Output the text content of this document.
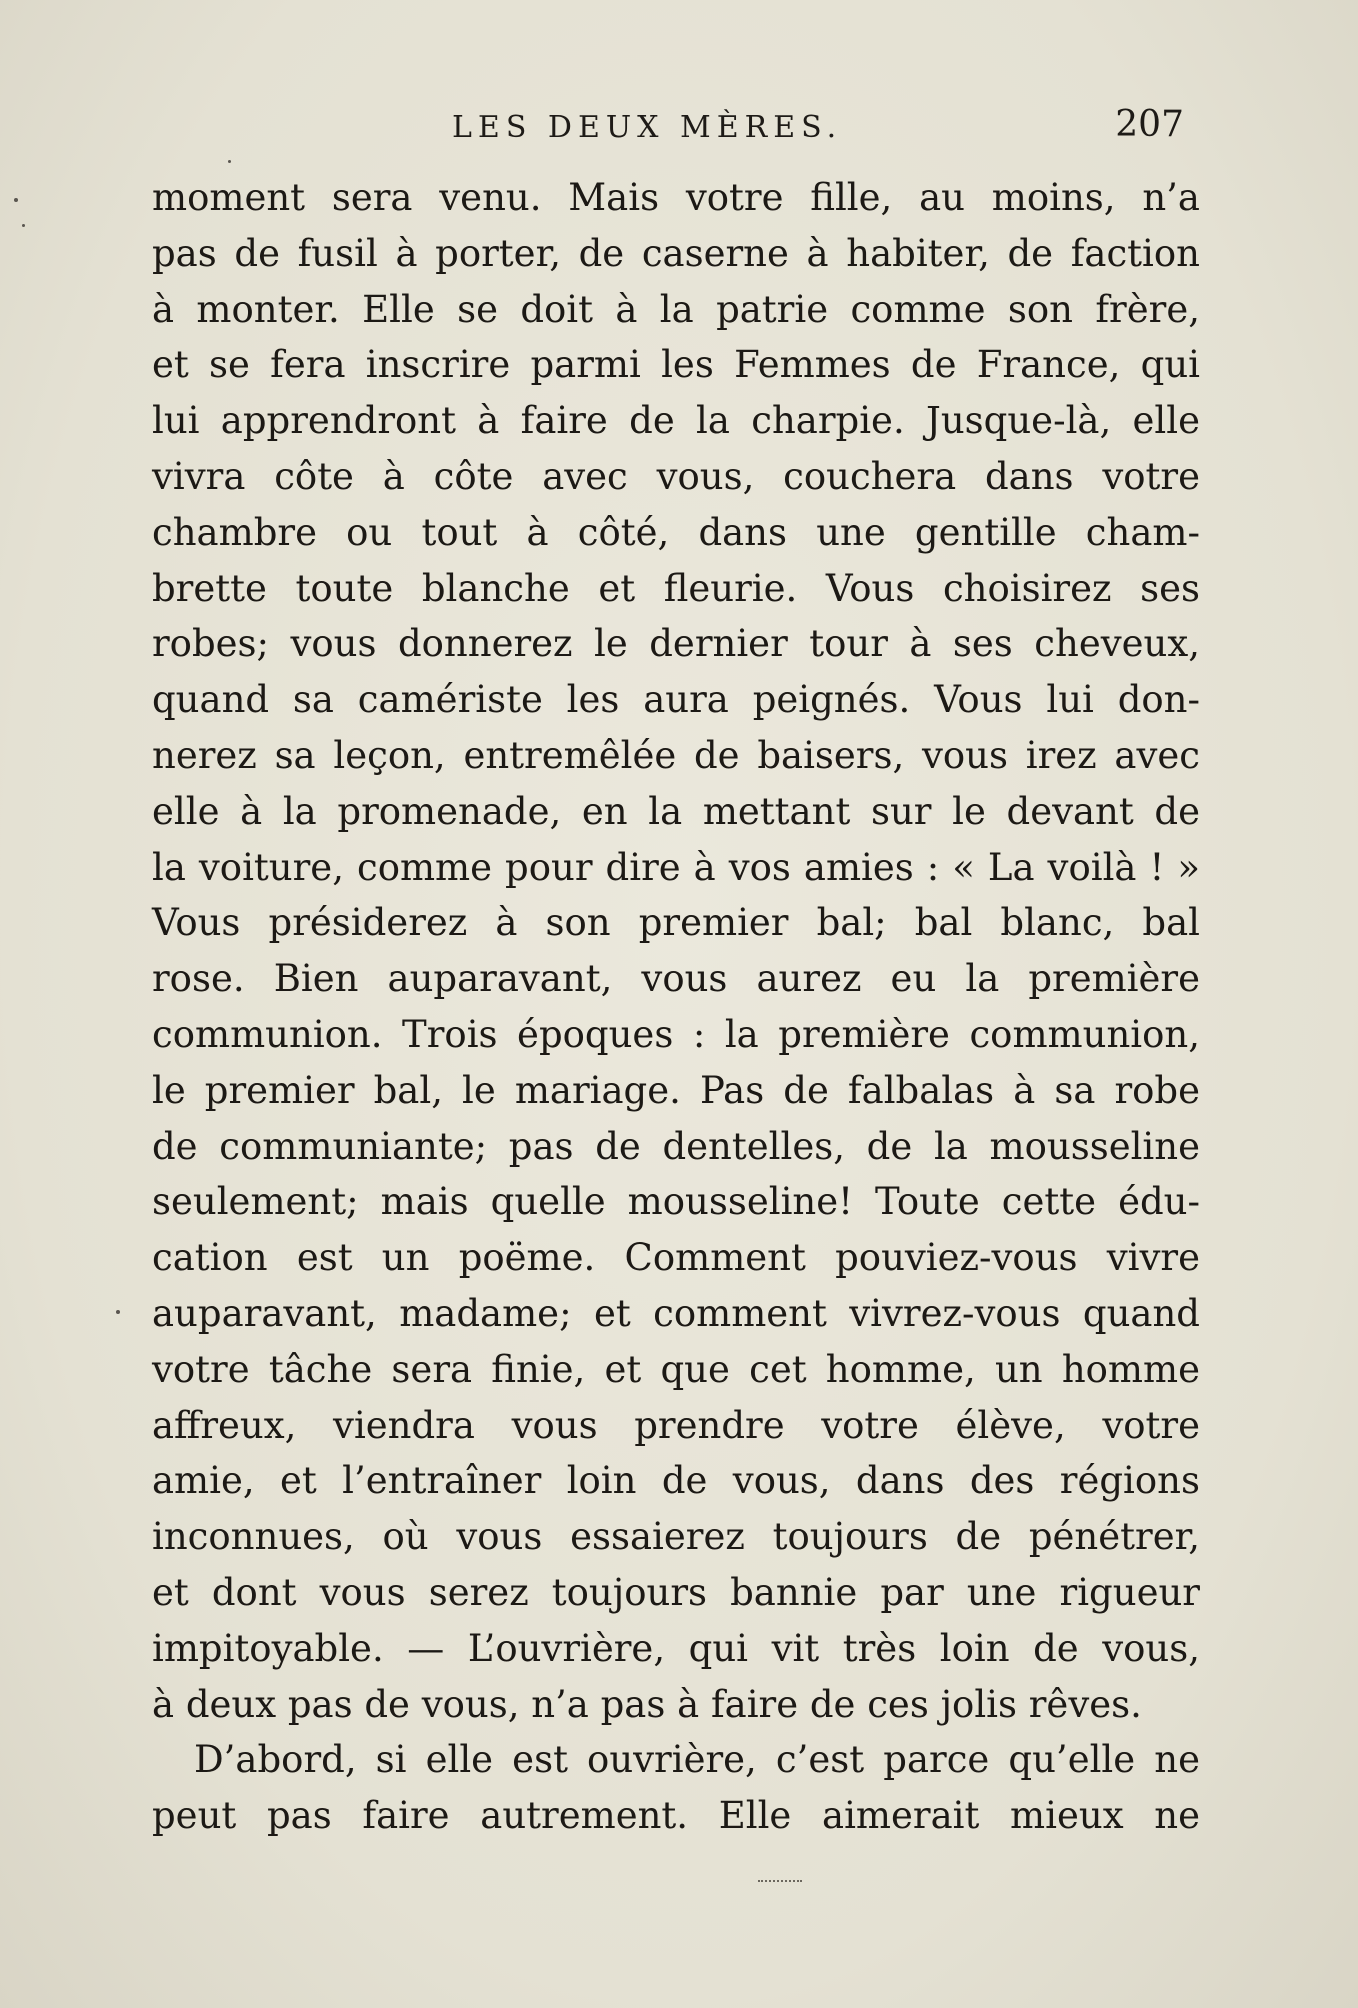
LES DEUX MÈRES.	207
moment sera venu. Mais votre fille, au moins, n’a
pas de fusil à porter, de caserne à habiter, de faction
à monter. Elle se doit à la patrie comme son frère,
et se fera inscrire parmi les Femmes de France, qui
lui apprendront à faire de la charpie. Jusque-là, elle
vivra côte à côte avec vous, couchera dans votre
chambre ou tout à côté, dans une gentille cham-
brette toute blanche et fleurie. Vous choisirez ses
robes; vous donnerez le dernier tour à ses cheveux,
quand sa caméristе les aura peignés. Vous lui don-
nerez sa leçon, entremêlée de baisers, vous irez avec
elle à la promenade, en la mettant sur le devant de
la voiture, comme pour dire à vos amies : « La voilà ! »
Vous présiderez à son premier bal; bal blanc, bal
rose. Bien auparavant, vous aurez eu la première
communion. Trois époques : la première communion,
le premier bal, le mariage. Pas de falbalas à sa robe
de communiante; pas de dentelles, de la mousseline
seulement; mais quelle mousseline! Toute cette édu-
cation est un poëme. Comment pouviez-vous vivre
auparavant, madame; et comment vivrez-vous quand
votre tâche sera finie, et que cet homme, un homme
affreux, viendra vous prendre votre élève, votre
amie, et l’entraîner loin de vous, dans des régions
inconnues, où vous essaierez toujours de pénétrer,
et dont vous serez toujours bannie par une rigueur
impitoyable. — L’ouvrière, qui vit très loin de vous,
à deux pas de vous, n’a pas à faire de ces jolis rêves.
D’abord, si elle est ouvrière, c’est parce qu’elle ne
peut pas faire autrement. Elle aimerait mieux ne
